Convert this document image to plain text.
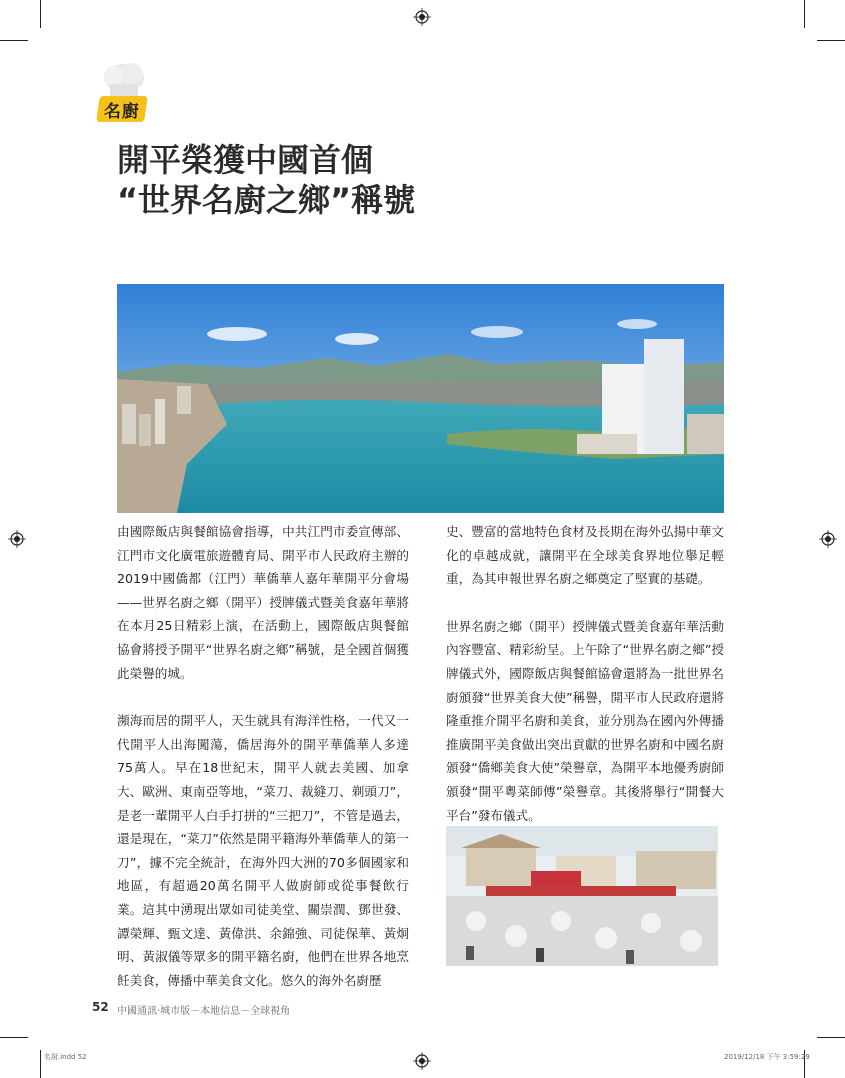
名廚
開平榮獲中國首個
“世界名廚之鄉”稱號

由國際飯店與餐館協會指導，中共江門市委宣傳部、江門市文化廣電旅遊體育局、開平市人民政府主辦的2019中國僑都（江門）華僑華人嘉年華開平分會場——世界名廚之鄉（開平）授牌儀式暨美食嘉年華將在本月25日精彩上演，在活動上，國際飯店與餐館協會將授予開平“世界名廚之鄉”稱號，是全國首個獲此榮譽的城。

瀕海而居的開平人，天生就具有海洋性格，一代又一代開平人出海闖蕩，僑居海外的開平華僑華人多達75萬人。早在18世紀末，開平人就去美國、加拿大、歐洲、東南亞等地，“菜刀、裁縫刀、剃頭刀”，是老一輩開平人白手打拼的“三把刀”，不管是過去，還是現在，“菜刀”依然是開平籍海外華僑華人的第一刀”，據不完全統計，在海外四大洲的70多個國家和地區，有超過20萬名開平人做廚師或從事餐飲行業。這其中湧現出眾如司徒美堂、關崇潤、鄧世發、譚榮輝、甄文達、黃偉洪、余錦強、司徒保華、黃炯明、黃淑儀等眾多的開平籍名廚，他們在世界各地烹飪美食，傳播中華美食文化。悠久的海外名廚歷

史、豐富的當地特色食材及長期在海外弘揚中華文化的卓越成就，讓開平在全球美食界地位舉足輕重，為其申報世界名廚之鄉奠定了堅實的基礎。

世界名廚之鄉（開平）授牌儀式暨美食嘉年華活動內容豐富、精彩紛呈。上午除了“世界名廚之鄉”授牌儀式外，國際飯店與餐館協會還將為一批世界名廚頒發“世界美食大使”稱譽，開平市人民政府還將隆重推介開平名廚和美食，並分別為在國內外傳播推廣開平美食做出突出貢獻的世界名廚和中國名廚頒發“僑鄉美食大使”榮譽章，為開平本地優秀廚師頒發“開平粵菜師傅”榮譽章。其後將舉行“開餐大平台”發布儀式。

52 中國通訊·城市版－本地信息－全球視角
名厨.indd 52	2019/12/18 下午 3:59:29
